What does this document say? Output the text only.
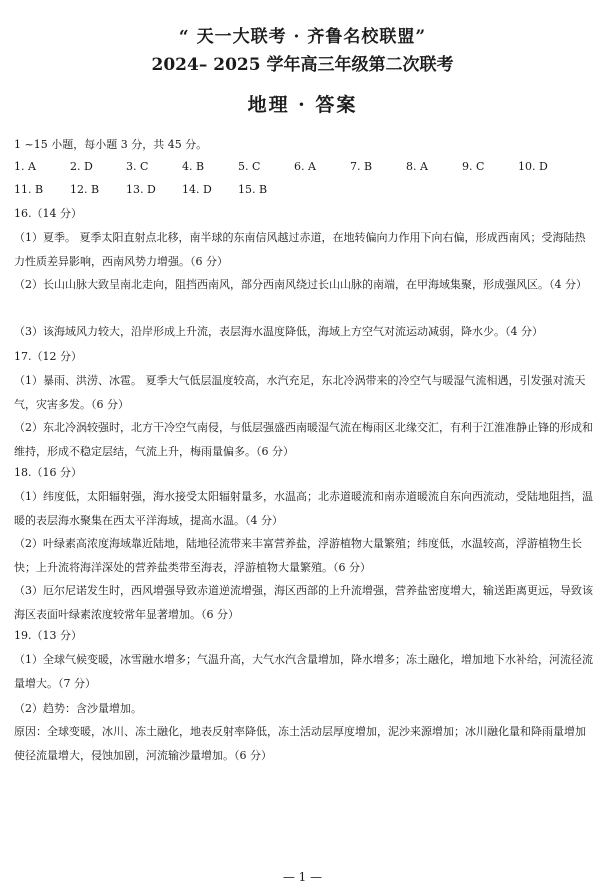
“ 天一大联考 · 齐鲁名校联盟”
2024– 2025 学年高三年级第二次联考
地理 · 答案
1 ~15 小题，每小题 3 分，共 45 分。
1. A	2. D	3. C	4. B	5. C	6. A	7. B	8. A	9. C	10. D
11. B 12. B 13. D 14. D 15. B
16.（14 分）
（1）夏季。 夏季太阳直射点北移，南半球的东南信风越过赤道，在地转偏向力作用下向右偏，形成西南风；受海陆热力性质差异影响，西南风势力增强。（6 分）
（2）长山山脉大致呈南北走向，阻挡西南风，部分西南风绕过长山山脉的南端，在甲海域集聚，形成强风区。（4 分）
（3）该海域风力较大，沿岸形成上升流，表层海水温度降低，海域上方空气对流运动减弱，降水少。（4 分）
17.（12 分）
（1）暴雨、洪涝、冰雹。 夏季大气低层温度较高，水汽充足，东北冷涡带来的冷空气与暖湿气流相遇，引发强对流天气，灾害多发。（6 分）
（2）东北冷涡较强时，北方干冷空气南侵，与低层强盛西南暖湿气流在梅雨区北缘交汇，有利于江淮准静止锋的形成和维持，形成不稳定层结，气流上升，梅雨量偏多。（6 分）
18.（16 分）
（1）纬度低，太阳辐射强，海水接受太阳辐射量多，水温高；北赤道暖流和南赤道暖流自东向西流动，受陆地阻挡，温暖的表层海水聚集在西太平洋海域，提高水温。（4 分）
（2）叶绿素高浓度海域靠近陆地，陆地径流带来丰富营养盐，浮游植物大量繁殖；纬度低，水温较高，浮游植物生长快；上升流将海洋深处的营养盐类带至海表，浮游植物大量繁殖。（6 分）
（3）厄尔尼诺发生时，西风增强导致赤道逆流增强，海区西部的上升流增强，营养盐密度增大，输送距离更远，导致该海区表面叶绿素浓度较常年显著增加。（6 分）
19.（13 分）
（1）全球气候变暖，冰雪融水增多；气温升高，大气水汽含量增加，降水增多；冻土融化，增加地下水补给，河流径流量增大。（7 分）
（2）趋势：含沙量增加。
原因：全球变暖，冰川、冻土融化，地表反射率降低，冻土活动层厚度增加，泥沙来源增加；冰川融化量和降雨量增加使径流量增大，侵蚀加剧，河流输沙量增加。（6 分）
— 1 —
